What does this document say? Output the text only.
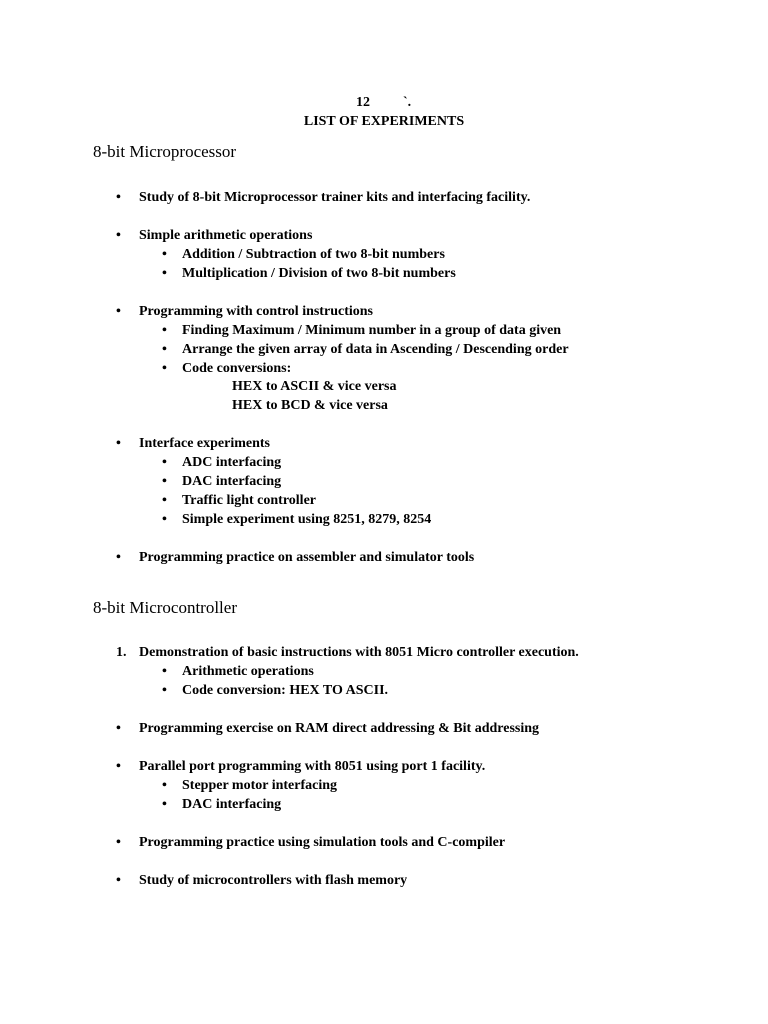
12 `.
LIST OF EXPERIMENTS
8-bit Microprocessor
• Study of 8-bit Microprocessor trainer kits and interfacing facility.
• Simple arithmetic operations
• Addition / Subtraction of two 8-bit numbers
• Multiplication / Division of two 8-bit numbers
• Programming with control instructions
• Finding Maximum / Minimum number in a group of data given
• Arrange the given array of data in Ascending / Descending order
• Code conversions:
HEX to ASCII & vice versa
HEX to BCD & vice versa
• Interface experiments
• ADC interfacing
• DAC interfacing
• Traffic light controller
• Simple experiment using 8251, 8279, 8254
• Programming practice on assembler and simulator tools
8-bit Microcontroller
1. Demonstration of basic instructions with 8051 Micro controller execution.
• Arithmetic operations
• Code conversion: HEX TO ASCII.
• Programming exercise on RAM direct addressing & Bit addressing
• Parallel port programming with 8051 using port 1 facility.
• Stepper motor interfacing
• DAC interfacing
• Programming practice using simulation tools and C-compiler
• Study of microcontrollers with flash memory
